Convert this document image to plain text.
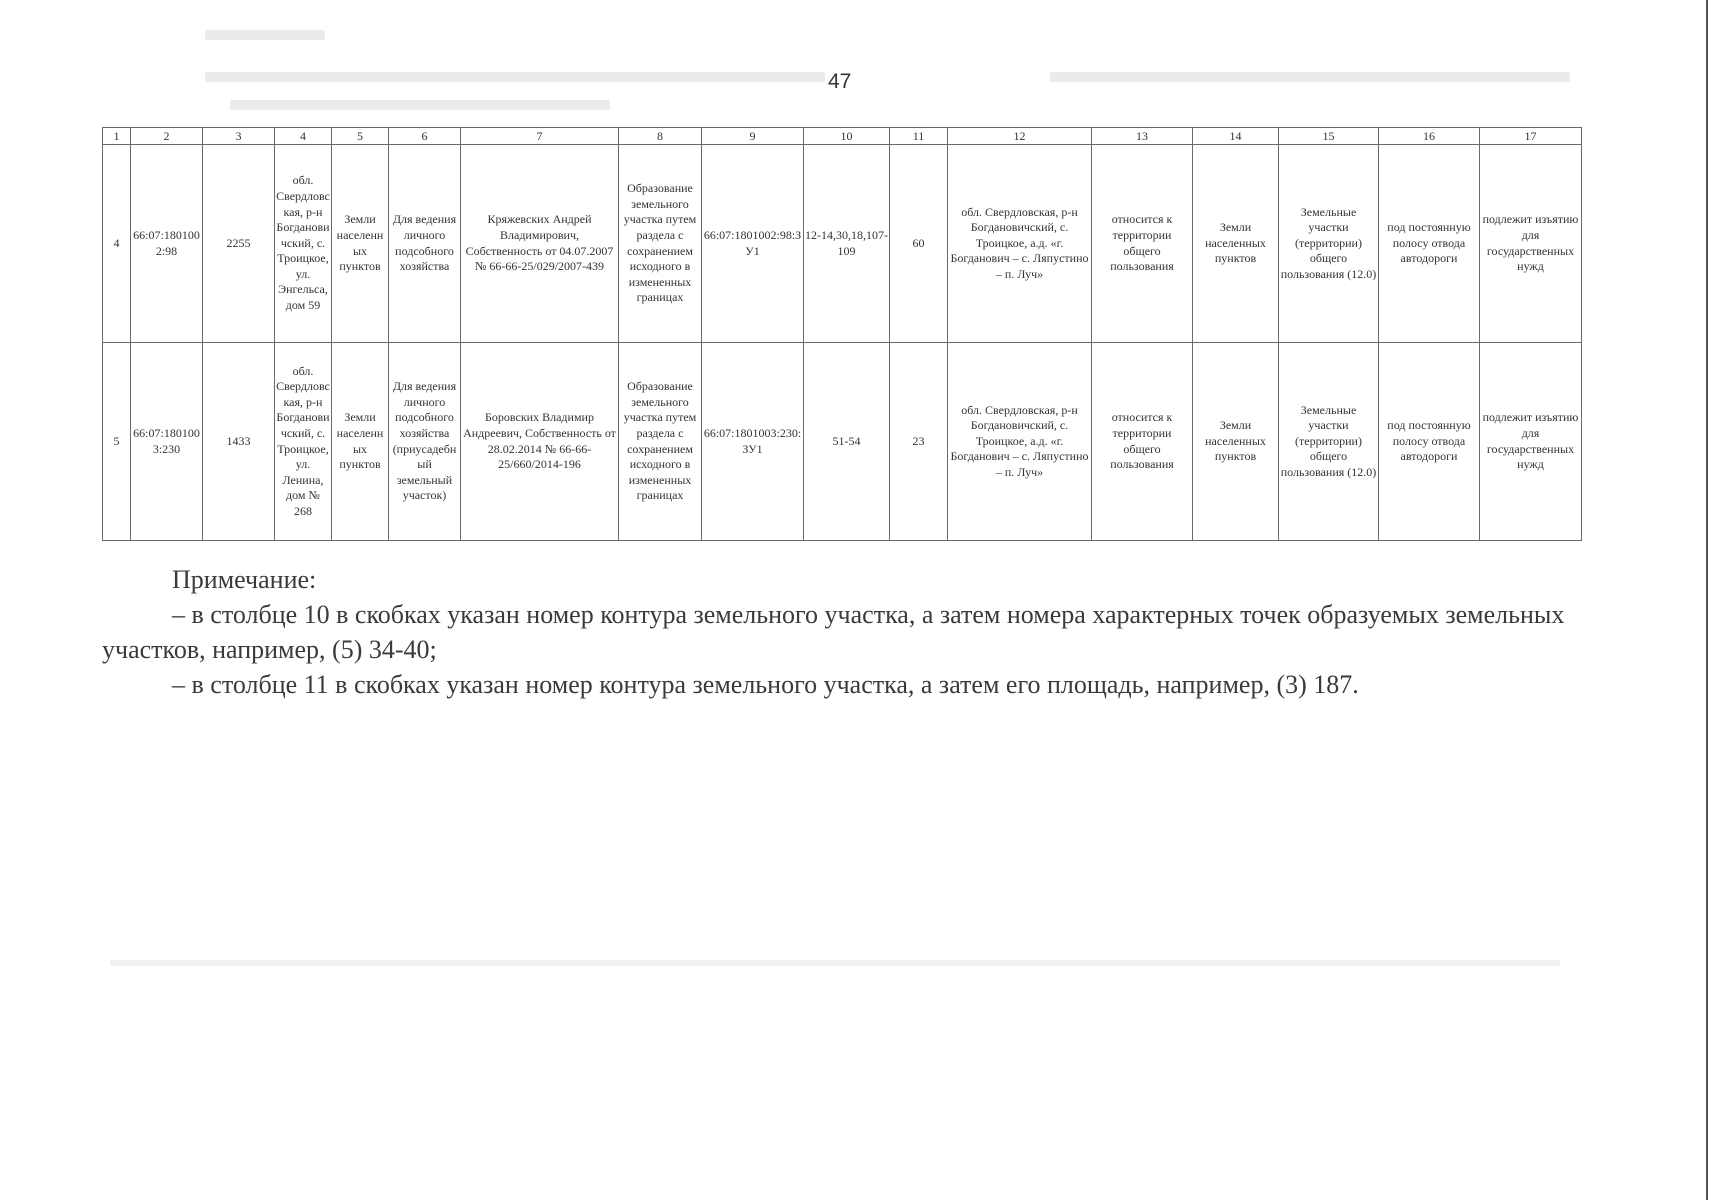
47
1	2	3	4	5	6	7	8	9	10	11	12	13	14	15	16	17
4	66:07:1801002:98	2255	обл. Свердловская, р-н Богдановичский, с. Троицкое, ул. Энгельса, дом 59	Земли населенных пунктов	Для ведения личного подсобного хозяйства	Кряжевских Андрей Владимирович, Собственность от 04.07.2007 № 66-66-25/029/2007-439	Образование земельного участка путем раздела с сохранением исходного в измененных границах	66:07:1801002:98:ЗУ1	12-14,30,18,107-109	60	обл. Свердловская, р-н Богдановичский, с. Троицкое, а.д. «г. Богданович – с. Ляпустино – п. Луч»	относится к территории общего пользования	Земли населенных пунктов	Земельные участки (территории) общего пользования (12.0)	под постоянную полосу отвода автодороги	подлежит изъятию для государственных нужд
5	66:07:1801003:230	1433	обл. Свердловская, р-н Богдановичский, с. Троицкое, ул. Ленина, дом № 268	Земли населенных пунктов	Для ведения личного подсобного хозяйства (приусадебный земельный участок)	Боровских Владимир Андреевич, Собственность от 28.02.2014 № 66-66-25/660/2014-196	Образование земельного участка путем раздела с сохранением исходного в измененных границах	66:07:1801003:230:ЗУ1	51-54	23	обл. Свердловская, р-н Богдановичский, с. Троицкое, а.д. «г. Богданович – с. Ляпустино – п. Луч»	относится к территории общего пользования	Земли населенных пунктов	Земельные участки (территории) общего пользования (12.0)	под постоянную полосу отвода автодороги	подлежит изъятию для государственных нужд

Примечание:

– в столбце 10 в скобках указан номер контура земельного участка, а затем номера характерных точек образуемых земельных участков, например, (5) 34-40;

– в столбце 11 в скобках указан номер контура земельного участка, а затем его площадь, например, (3) 187.
